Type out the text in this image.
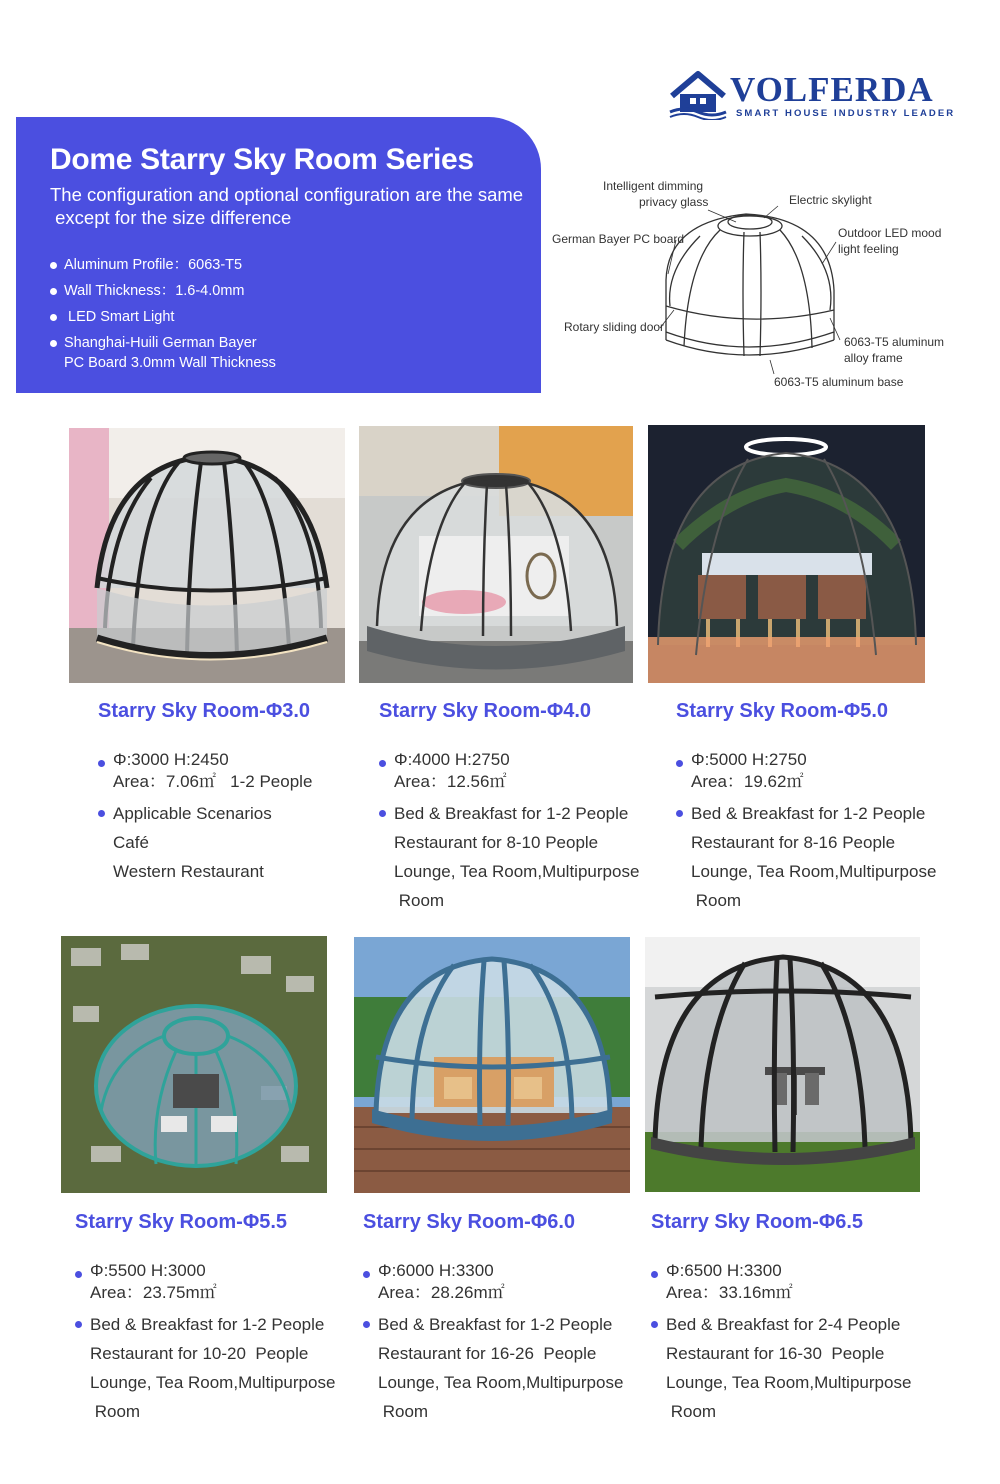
VOLFERDA
SMART HOUSE INDUSTRY LEADER
Dome Starry Sky Room Series
The configuration and optional configuration are the same
except for the size difference
Aluminum Profile：6063-T5
Wall Thickness：1.6-4.0mm
LED Smart Light
Shanghai-Huili German Bayer
PC Board 3.0mm Wall Thickness
Intelligent dimming
privacy glass	Electric skylight
German Bayer PC board	Outdoor LED mood
light feeling
Rotary sliding door
6063-T5 aluminum
alloy frame
6063-T5 aluminum base
Starry Sky Room-Φ3.0
Φ:3000 H:2450
Area：7.06㎡   1-2 People
Applicable Scenarios
Café
Western Restaurant
Starry Sky Room-Φ4.0
Φ:4000 H:2750
Area：12.56㎡
Bed & Breakfast for 1-2 People
Restaurant for 8-10 People
Lounge, Tea Room,Multipurpose
Room
Starry Sky Room-Φ5.0
Φ:5000 H:2750
Area：19.62㎡
Bed & Breakfast for 1-2 People
Restaurant for 8-16 People
Lounge, Tea Room,Multipurpose
Room
Starry Sky Room-Φ5.5
Φ:5500 H:3000
Area：23.75m㎡
Bed & Breakfast for 1-2 People
Restaurant for 10-20  People
Lounge, Tea Room,Multipurpose
Room
Starry Sky Room-Φ6.0
Φ:6000 H:3300
Area：28.26m㎡
Bed & Breakfast for 1-2 People
Restaurant for 16-26  People
Lounge, Tea Room,Multipurpose
Room
Starry Sky Room-Φ6.5
Φ:6500 H:3300
Area：33.16m㎡
Bed & Breakfast for 2-4 People
Restaurant for 16-30  People
Lounge, Tea Room,Multipurpose
Room
